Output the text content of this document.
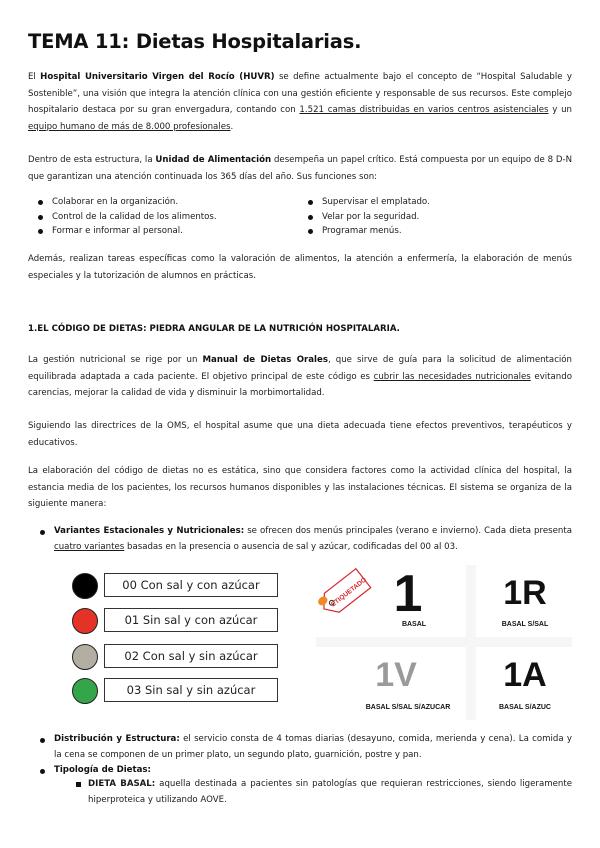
TEMA 11: Dietas Hospitalarias.

El Hospital Universitario Virgen del Rocío (HUVR) se define actualmente bajo el concepto de “Hospital Saludable y Sostenible”, una visión que integra la atención clínica con una gestión eficiente y responsable de sus recursos. Este complejo hospitalario destaca por su gran envergadura, contando con 1.521 camas distribuidas en varios centros asistenciales y un equipo humano de más de 8.000 profesionales.

Dentro de esta estructura, la Unidad de Alimentación desempeña un papel crítico. Está compuesta por un equipo de 8 D-N que garantizan una atención continuada los 365 días del año. Sus funciones son:

Colaborar en la organización.
Control de la calidad de los alimentos.
Formar e informar al personal.
Supervisar el emplatado.
Velar por la seguridad.
Programar menús.

Además, realizan tareas específicas como la valoración de alimentos, la atención a enfermería, la elaboración de menús especiales y la tutorización de alumnos en prácticas.

1.EL CÓDIGO DE DIETAS: PIEDRA ANGULAR DE LA NUTRICIÓN HOSPITALARIA.

La gestión nutricional se rige por un Manual de Dietas Orales, que sirve de guía para la solicitud de alimentación equilibrada adaptada a cada paciente. El objetivo principal de este código es cubrir las necesidades nutricionales evitando carencias, mejorar la calidad de vida y disminuir la morbimortalidad.

Siguiendo las directrices de la OMS, el hospital asume que una dieta adecuada tiene efectos preventivos, terapéuticos y educativos.

La elaboración del código de dietas no es estática, sino que considera factores como la actividad clínica del hospital, la estancia media de los pacientes, los recursos humanos disponibles y las instalaciones técnicas. El sistema se organiza de la siguiente manera:

Variantes Estacionales y Nutricionales: se ofrecen dos menús principales (verano e invierno). Cada dieta presenta cuatro variantes basadas en la presencia o ausencia de sal y azúcar, codificadas del 00 al 03.
00 Con sal y con azúcar
01 Sin sal y con azúcar
02 Con sal y sin azúcar
03 Sin sal y sin azúcar
ETIQUETADO 1
BASAL
1R
BASAL S/SAL
1V
BASAL S/SAL S/AZUCAR
1A
BASAL S/AZUC
Distribución y Estructura: el servicio consta de 4 tomas diarias (desayuno, comida, merienda y cena). La comida y la cena se componen de un primer plato, un segundo plato, guarnición, postre y pan.
Tipología de Dietas:
DIETA BASAL: aquella destinada a pacientes sin patologías que requieran restricciones, siendo ligeramente hiperproteica y utilizando AOVE.
